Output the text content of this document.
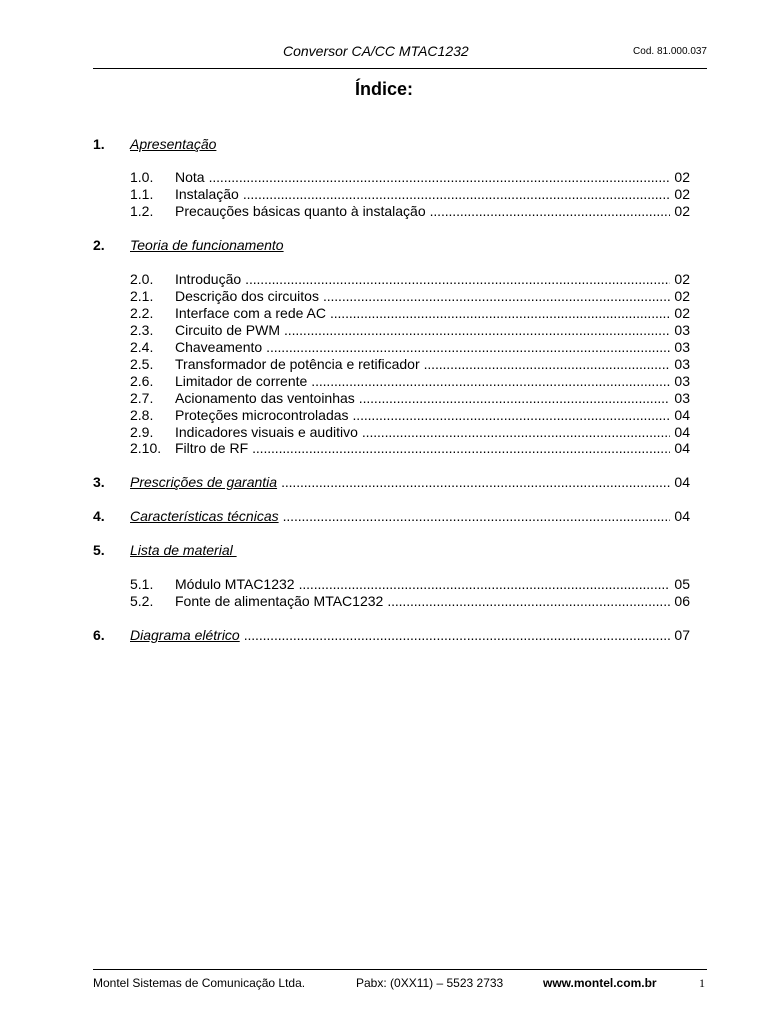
Conversor CA/CC MTAC1232	Cod. 81.000.037
Índice:
1. Apresentação
1.0. Nota . . .	02
1.1. Instalação . . .	02
1.2. Precauções básicas quanto à instalação . . .	02
2. Teoria de funcionamento
2.0. Introdução . . .	02
2.1. Descrição dos circuitos . . .	02
2.2. Interface com a rede AC . . .	02
2.3. Circuito de PWM . . .	03
2.4. Chaveamento . . .	03
2.5. Transformador de potência e retificador . . .	03
2.6. Limitador de corrente . . .	03
2.7. Acionamento das ventoinhas . . .	03
2.8. Proteções microcontroladas . . .	04
2.9. Indicadores visuais e auditivo . . .	04
2.10. Filtro de RF . . .	04
3. Prescrições de garantia . . .	04
4. Características técnicas . . .	04
5. Lista de material
5.1. Módulo MTAC1232 . . .	05
5.2. Fonte de alimentação MTAC1232 . . .	06
6. Diagrama elétrico . . .	07
Montel Sistemas de Comunicação Ltda.	Pabx: (0XX11) – 5523 2733	www.montel.com.br	1
